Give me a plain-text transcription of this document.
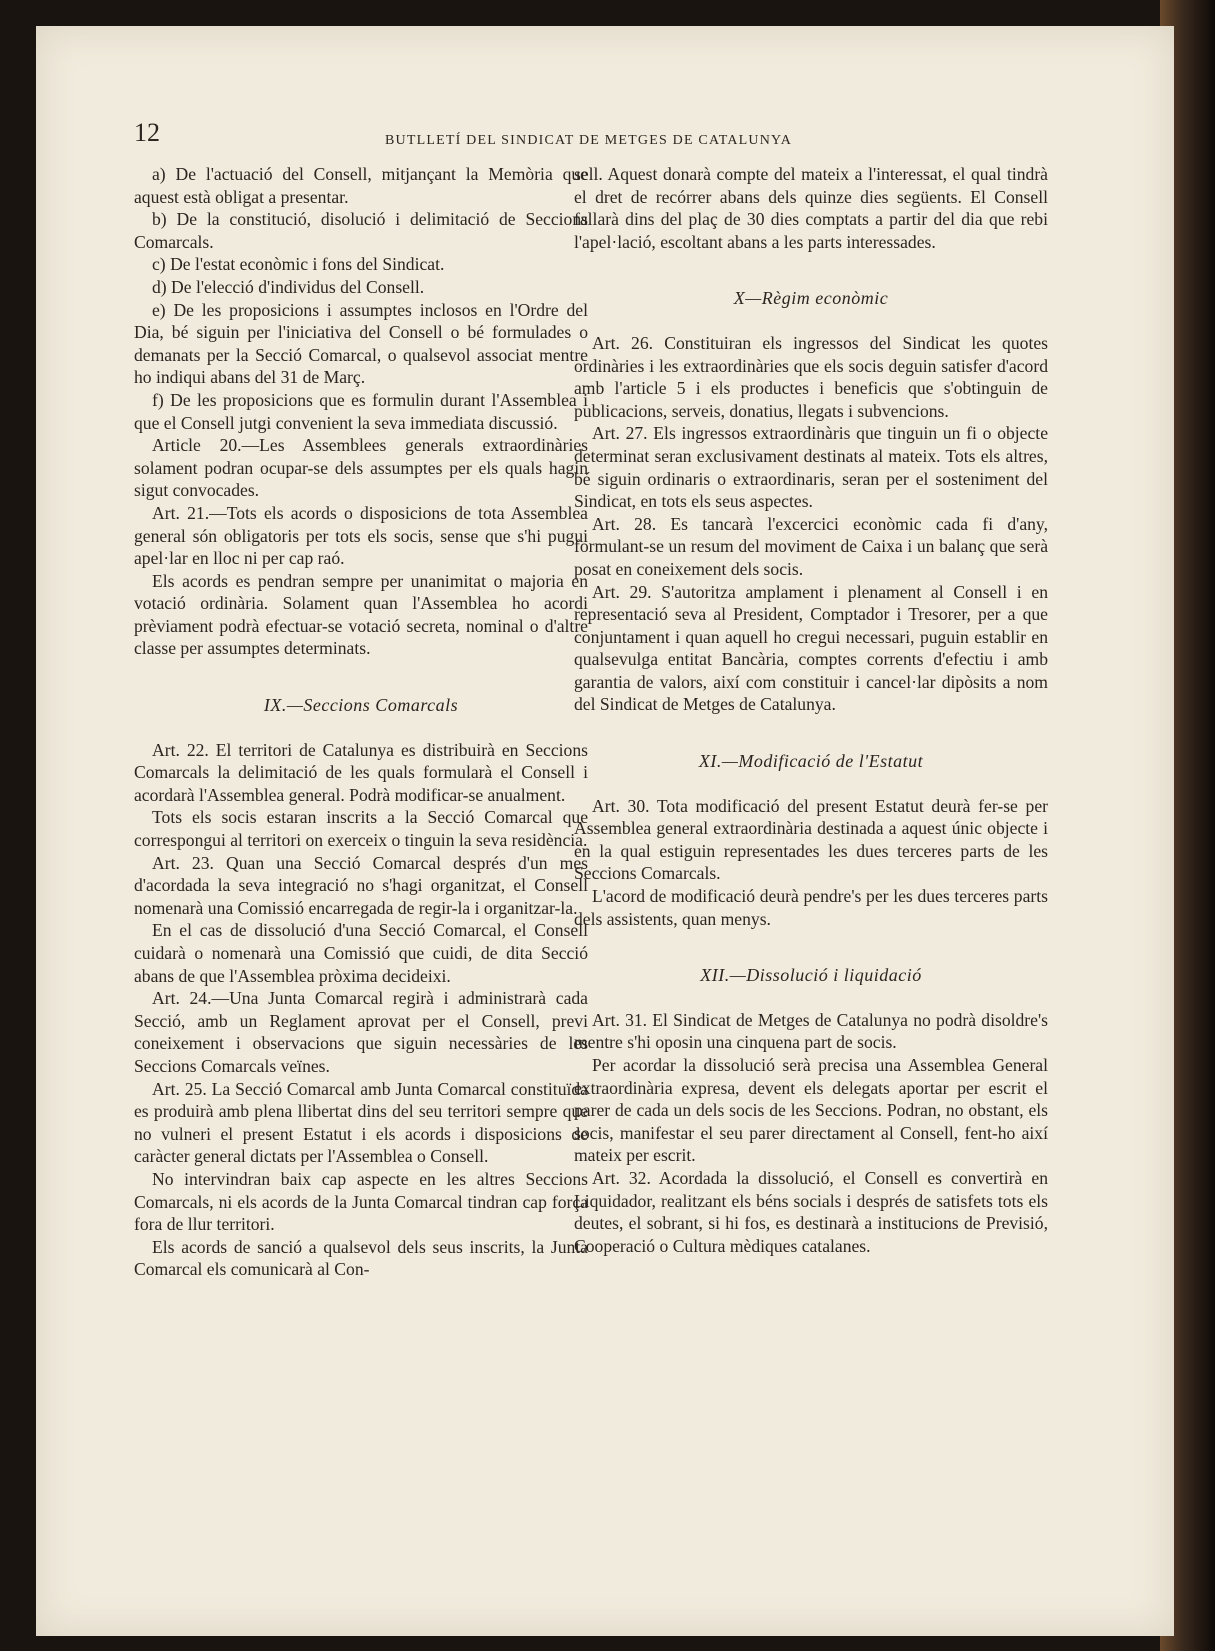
12	BUTLLETÍ DEL SINDICAT DE METGES DE CATALUNYA

a) De l'actuació del Consell, mitjançant la Memòria que aquest està obligat a presentar.

b) De la constitució, disolució i delimitació de Seccions Comarcals.

c) De l'estat econòmic i fons del Sindicat.

d) De l'elecció d'individus del Consell.

e) De les proposicions i assumptes inclosos en l'Ordre del Dia, bé siguin per l'iniciativa del Consell o bé formulades o demanats per la Secció Comarcal, o qualsevol associat mentre ho indiqui abans del 31 de Març.

f) De les proposicions que es formulin durant l'Assemblea i que el Consell jutgi convenient la seva immediata discussió.

Article 20.—Les Assemblees generals extraordinàries solament podran ocupar-se dels assumptes per els quals hagin sigut convocades.

Art. 21.—Tots els acords o disposicions de tota Assemblea general són obligatoris per tots els socis, sense que s'hi pugui apel·lar en lloc ni per cap raó.

Els acords es pendran sempre per unanimitat o majoria en votació ordinària. Solament quan l'Assemblea ho acordi prèviament podrà efectuar-se votació secreta, nominal o d'altre classe per assumptes determinats.

IX.—Seccions Comarcals

Art. 22. El territori de Catalunya es distribuirà en Seccions Comarcals la delimitació de les quals formularà el Consell i acordarà l'Assemblea general. Podrà modificar-se anualment.

Tots els socis estaran inscrits a la Secció Comarcal que correspongui al territori on exerceix o tinguin la seva residència.

Art. 23. Quan una Secció Comarcal després d'un mes d'acordada la seva integració no s'hagi organitzat, el Consell nomenarà una Comissió encarregada de regir-la i organitzar-la.

En el cas de dissolució d'una Secció Comarcal, el Consell cuidarà o nomenarà una Comissió que cuidi, de dita Secció abans de que l'Assemblea pròxima decideixi.

Art. 24.—Una Junta Comarcal regirà i administrarà cada Secció, amb un Reglament aprovat per el Consell, previ coneixement i observacions que siguin necessàries de les Seccions Comarcals veïnes.

Art. 25. La Secció Comarcal amb Junta Comarcal constituïda es produirà amb plena llibertat dins del seu territori sempre que no vulneri el present Estatut i els acords i disposicions de caràcter general dictats per l'Assemblea o Consell.

No intervindran baix cap aspecte en les altres Seccions Comarcals, ni els acords de la Junta Comarcal tindran cap força fora de llur territori.

Els acords de sanció a qualsevol dels seus inscrits, la Junta Comarcal els comunicarà al Con-

sell. Aquest donarà compte del mateix a l'interessat, el qual tindrà el dret de recórrer abans dels quinze dies següents. El Consell fallarà dins del plaç de 30 dies comptats a partir del dia que rebi l'apel·lació, escoltant abans a les parts interessades.

X—Règim econòmic

Art. 26. Constituiran els ingressos del Sindicat les quotes ordinàries i les extraordinàries que els socis deguin satisfer d'acord amb l'article 5 i els productes i beneficis que s'obtinguin de publicacions, serveis, donatius, llegats i subvencions.

Art. 27. Els ingressos extraordinàris que tinguin un fi o objecte determinat seran exclusivament destinats al mateix. Tots els altres, bé siguin ordinaris o extraordinaris, seran per el sosteniment del Sindicat, en tots els seus aspectes.

Art. 28. Es tancarà l'excercici econòmic cada fi d'any, formulant-se un resum del moviment de Caixa i un balanç que serà posat en coneixement dels socis.

Art. 29. S'autoritza amplament i plenament al Consell i en representació seva al President, Comptador i Tresorer, per a que conjuntament i quan aquell ho cregui necessari, puguin establir en qualsevulga entitat Bancària, comptes corrents d'efectiu i amb garantia de valors, així com constituir i cancel·lar dipòsits a nom del Sindicat de Metges de Catalunya.

XI.—Modificació de l'Estatut

Art. 30. Tota modificació del present Estatut deurà fer-se per Assemblea general extraordinària destinada a aquest únic objecte i en la qual estiguin representades les dues terceres parts de les Seccions Comarcals.

L'acord de modificació deurà pendre's per les dues terceres parts dels assistents, quan menys.

XII.—Dissolució i liquidació

Art. 31. El Sindicat de Metges de Catalunya no podrà disoldre's mentre s'hi oposin una cinquena part de socis.

Per acordar la dissolució serà precisa una Assemblea General extraordinària expresa, devent els delegats aportar per escrit el parer de cada un dels socis de les Seccions. Podran, no obstant, els socis, manifestar el seu parer directament al Consell, fent-ho així mateix per escrit.

Art. 32. Acordada la dissolució, el Consell es convertirà en Liquidador, realitzant els béns socials i després de satisfets tots els deutes, el sobrant, si hi fos, es destinarà a institucions de Previsió, Cooperació o Cultura mèdiques catalanes.
